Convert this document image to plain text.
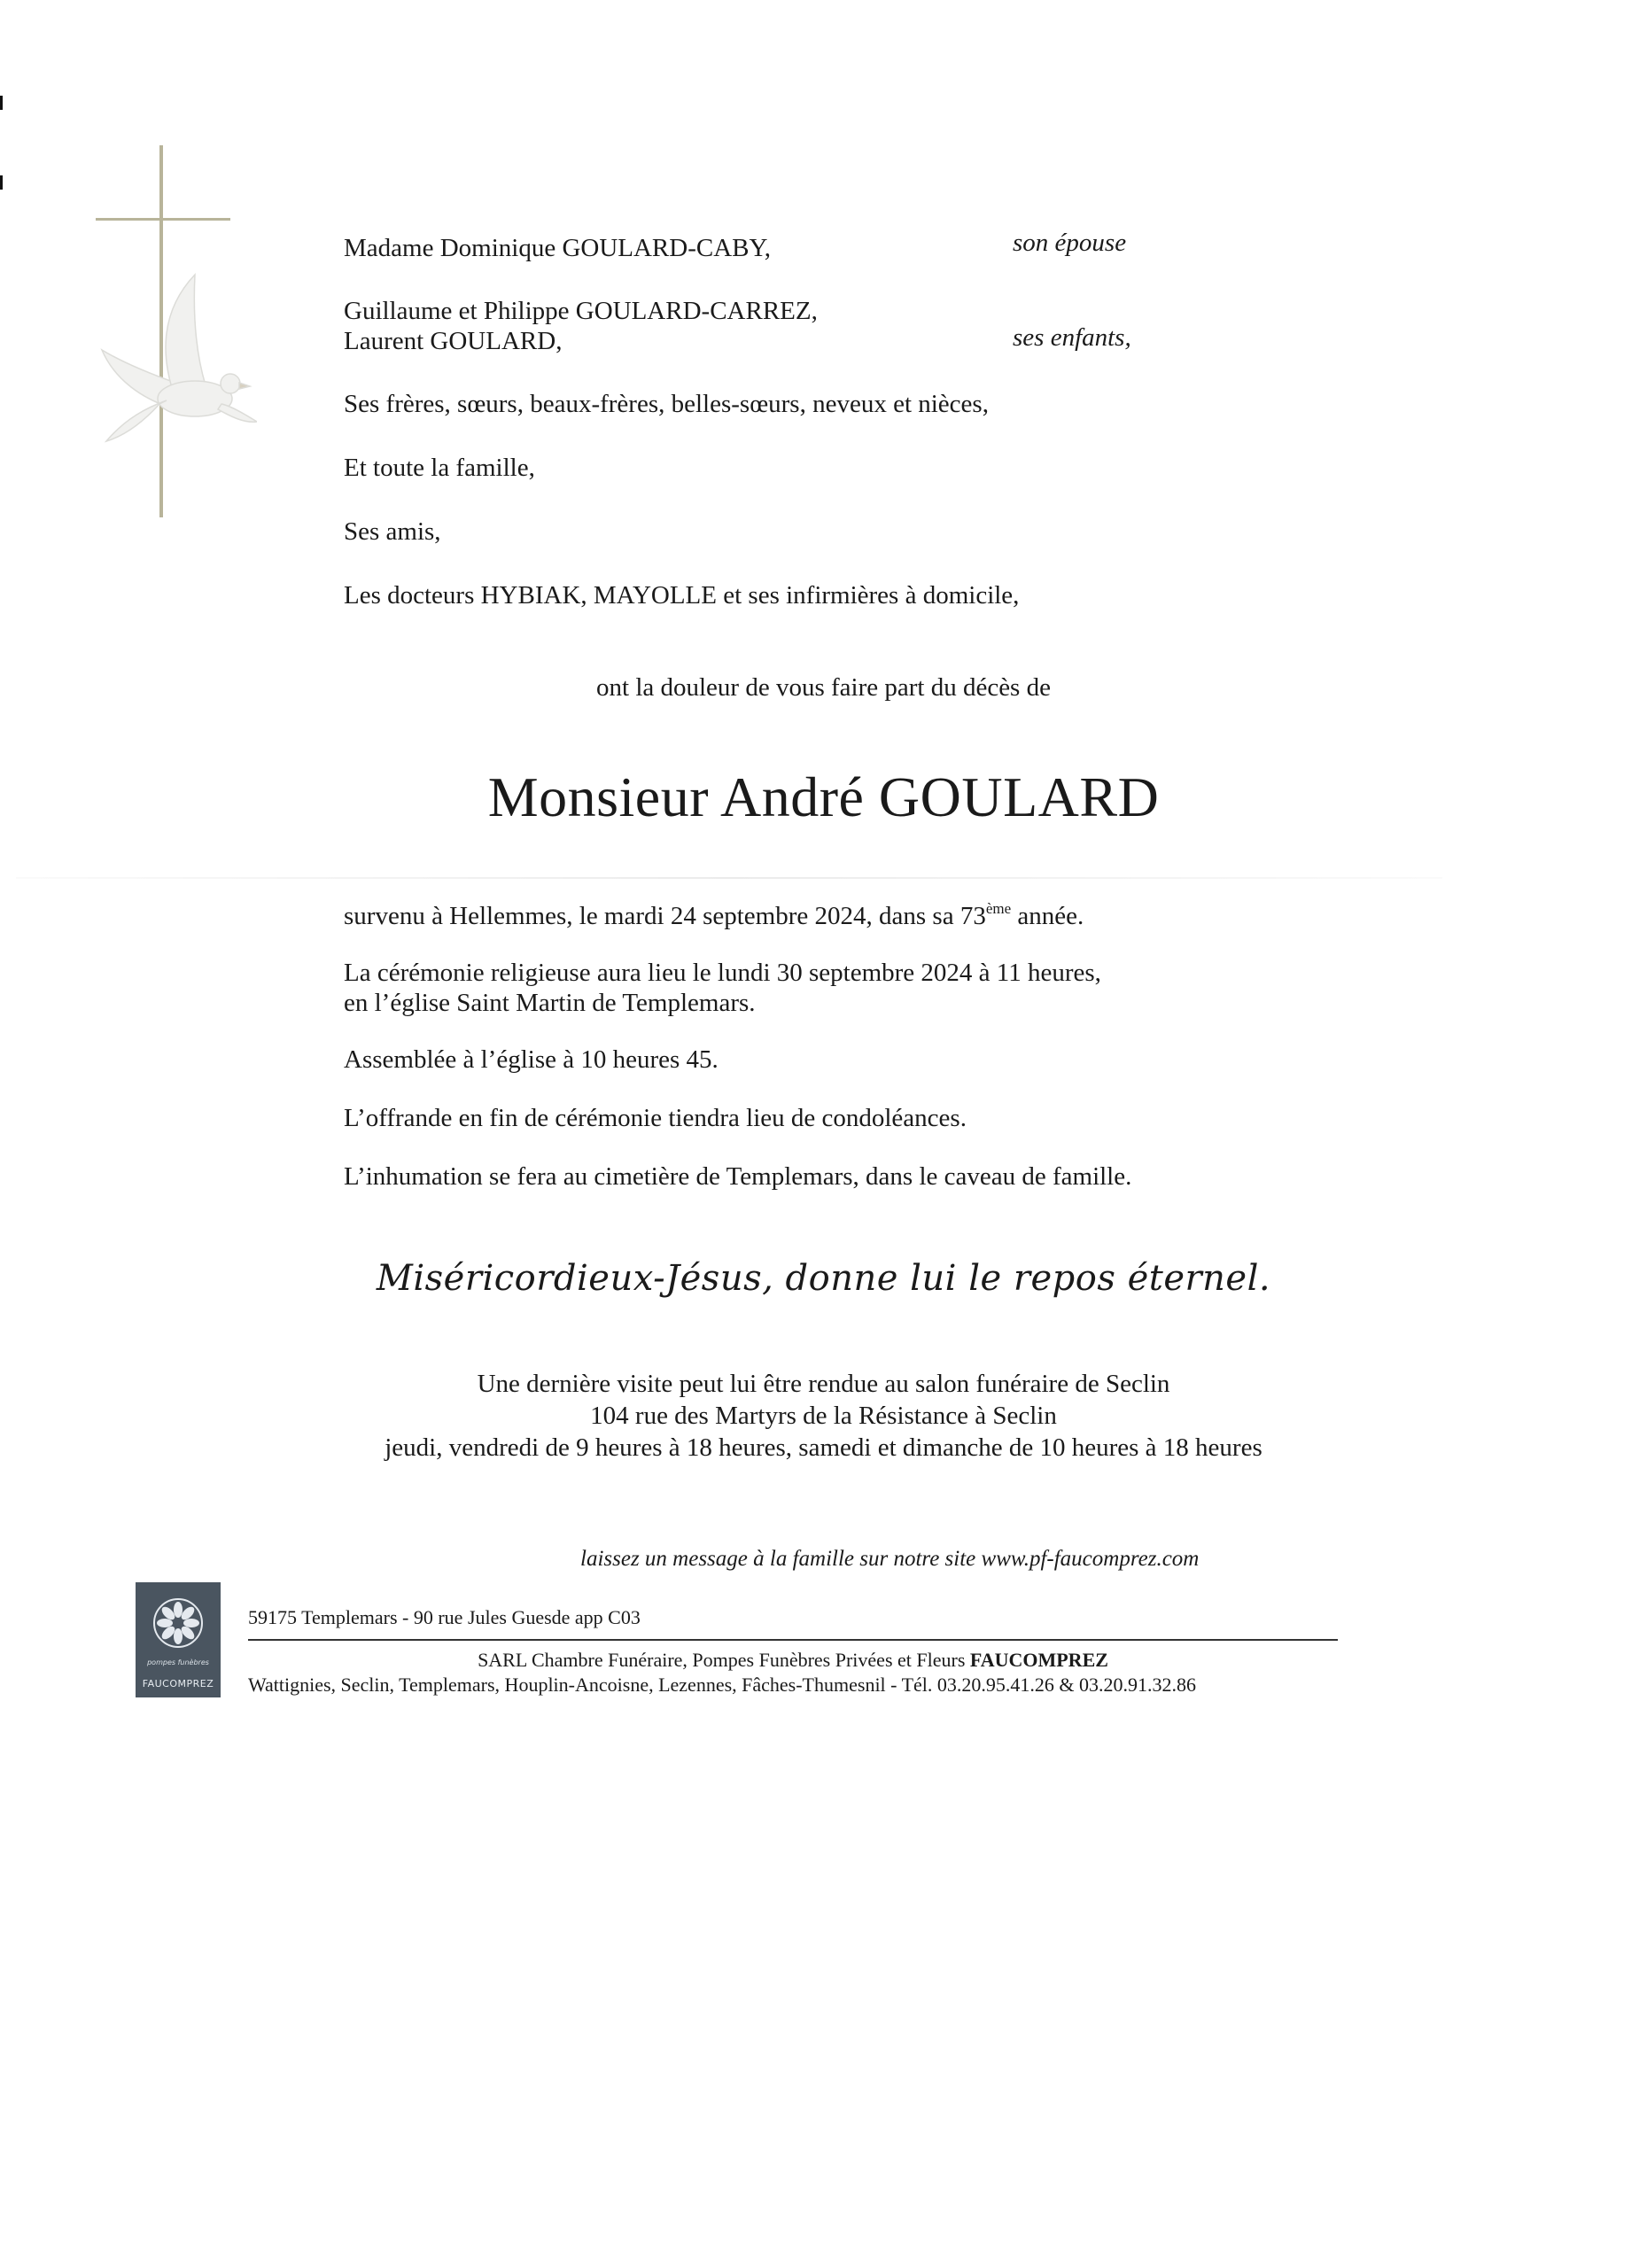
Madame Dominique GOULARD-CABY,	son épouse
Guillaume et Philippe GOULARD-CARREZ,
Laurent GOULARD,	ses enfants,
Ses frères, sœurs, beaux-frères, belles-sœurs, neveux et nièces,
Et toute la famille,
Ses amis,
Les docteurs HYBIAK, MAYOLLE et ses infirmières à domicile,
ont la douleur de vous faire part du décès de
Monsieur André GOULARD
survenu à Hellemmes, le mardi 24 septembre 2024, dans sa 73ème année.
La cérémonie religieuse aura lieu le lundi 30 septembre 2024 à 11 heures,
en l’église Saint Martin de Templemars.
Assemblée à l’église à 10 heures 45.
L’offrande en fin de cérémonie tiendra lieu de condoléances.
L’inhumation se fera au cimetière de Templemars, dans le caveau de famille.
Miséricordieux-Jésus, donne lui le repos éternel.
Une dernière visite peut lui être rendue au salon funéraire de Seclin
104 rue des Martyrs de la Résistance à Seclin
jeudi, vendredi de 9 heures à 18 heures, samedi et dimanche de 10 heures à 18 heures
laissez un message à la famille sur notre site www.pf-faucomprez.com
pompes funèbres
FAUCOMPREZ
59175 Templemars - 90 rue Jules Guesde app C03
SARL Chambre Funéraire, Pompes Funèbres Privées et Fleurs FAUCOMPREZ
Wattignies, Seclin, Templemars, Houplin-Ancoisne, Lezennes, Fâches-Thumesnil - Tél. 03.20.95.41.26 & 03.20.91.32.86
